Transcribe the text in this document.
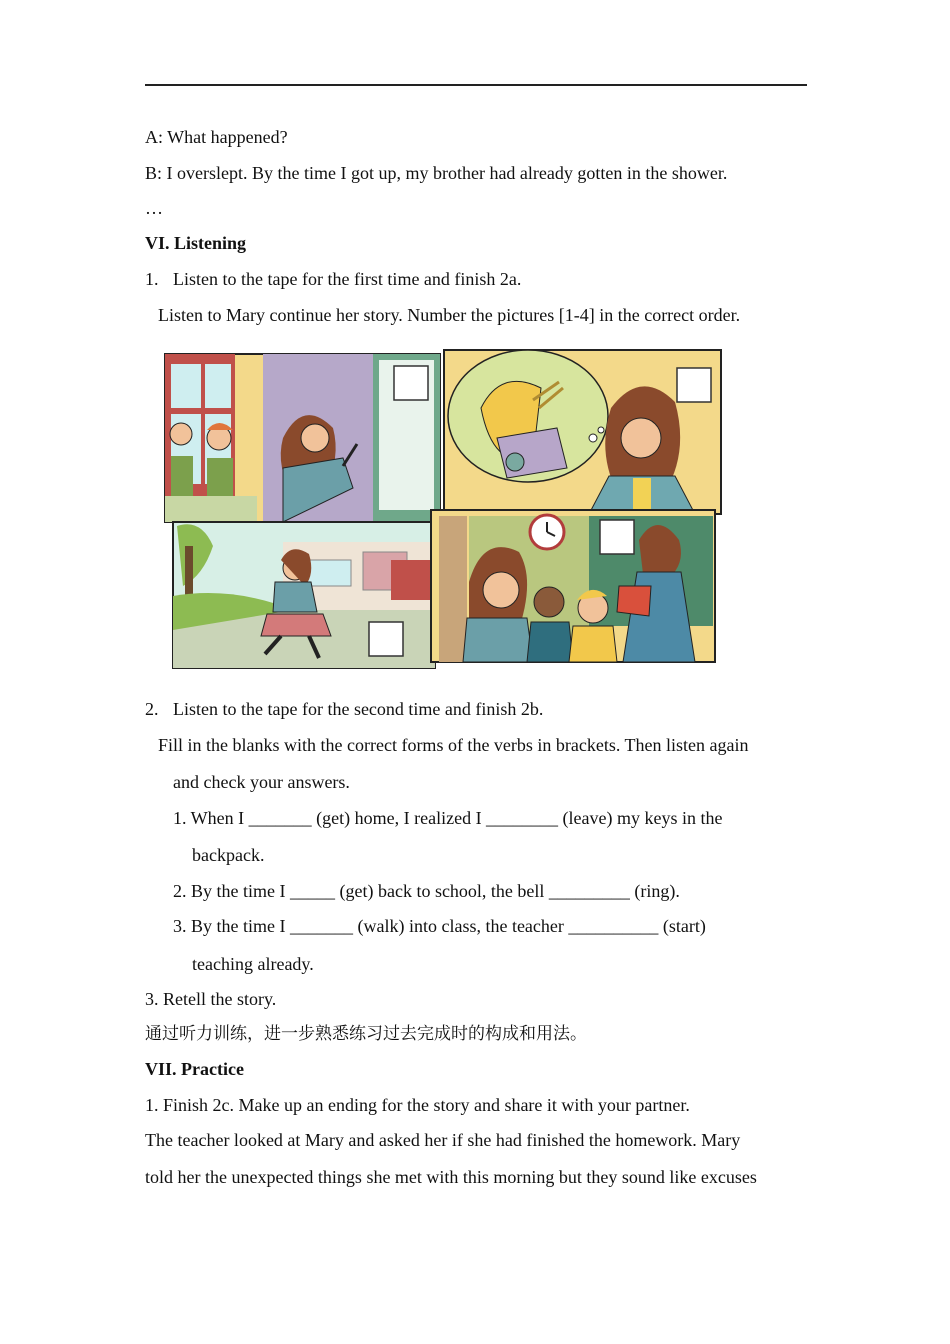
A: What happened?
B: I overslept. By the time I got up, my brother had already gotten in the shower.
…
VI. Listening
1. Listen to the tape for the first time and finish 2a.
Listen to Mary continue her story. Number the pictures [1-4] in the correct order.
2. Listen to the tape for the second time and finish 2b.
Fill in the blanks with the correct forms of the verbs in brackets. Then listen again
and check your answers.
1. When I _______ (get) home, I realized I ________ (leave) my keys in the
backpack.
2. By the time I _____ (get) back to school, the bell _________ (ring).
3. By the time I _______ (walk) into class, the teacher __________ (start)
teaching already.
3. Retell the story.
通过听力训练，进一步熟悉练习过去完成时的构成和用法。
VII. Practice
1. Finish 2c. Make up an ending for the story and share it with your partner.
The teacher looked at Mary and asked her if she had finished the homework. Mary
told her the unexpected things she met with this morning but they sound like excuses
